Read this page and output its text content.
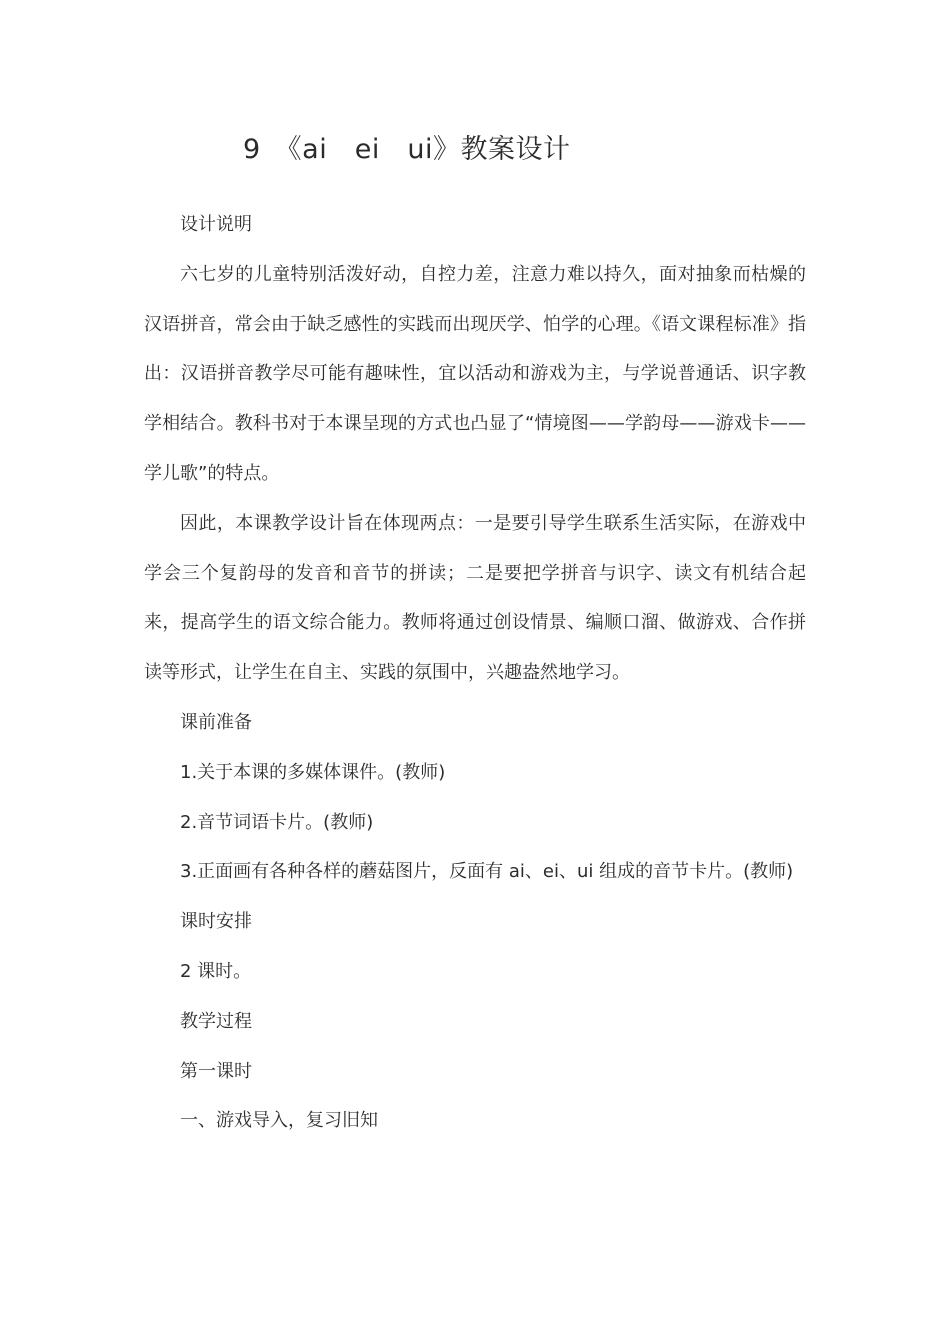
9　《ai　ei　ui》教案设计

设计说明

六七岁的儿童特别活泼好动，自控力差，注意力难以持久，面对抽象而枯燥的汉语拼音，常会由于缺乏感性的实践而出现厌学、怕学的心理。《语文课程标准》指出：汉语拼音教学尽可能有趣味性，宜以活动和游戏为主，与学说普通话、识字教学相结合。教科书对于本课呈现的方式也凸显了“情境图——学韵母——游戏卡——学儿歌”的特点。

因此，本课教学设计旨在体现两点：一是要引导学生联系生活实际，在游戏中学会三个复韵母的发音和音节的拼读；二是要把学拼音与识字、读文有机结合起来，提高学生的语文综合能力。教师将通过创设情景、编顺口溜、做游戏、合作拼读等形式，让学生在自主、实践的氛围中，兴趣盎然地学习。

课前准备

1.关于本课的多媒体课件。(教师)

2.音节词语卡片。(教师)

3.正面画有各种各样的蘑菇图片，反面有 ai、ei、ui 组成的音节卡片。(教师)

课时安排

2 课时。

教学过程

第一课时

一、游戏导入，复习旧知
